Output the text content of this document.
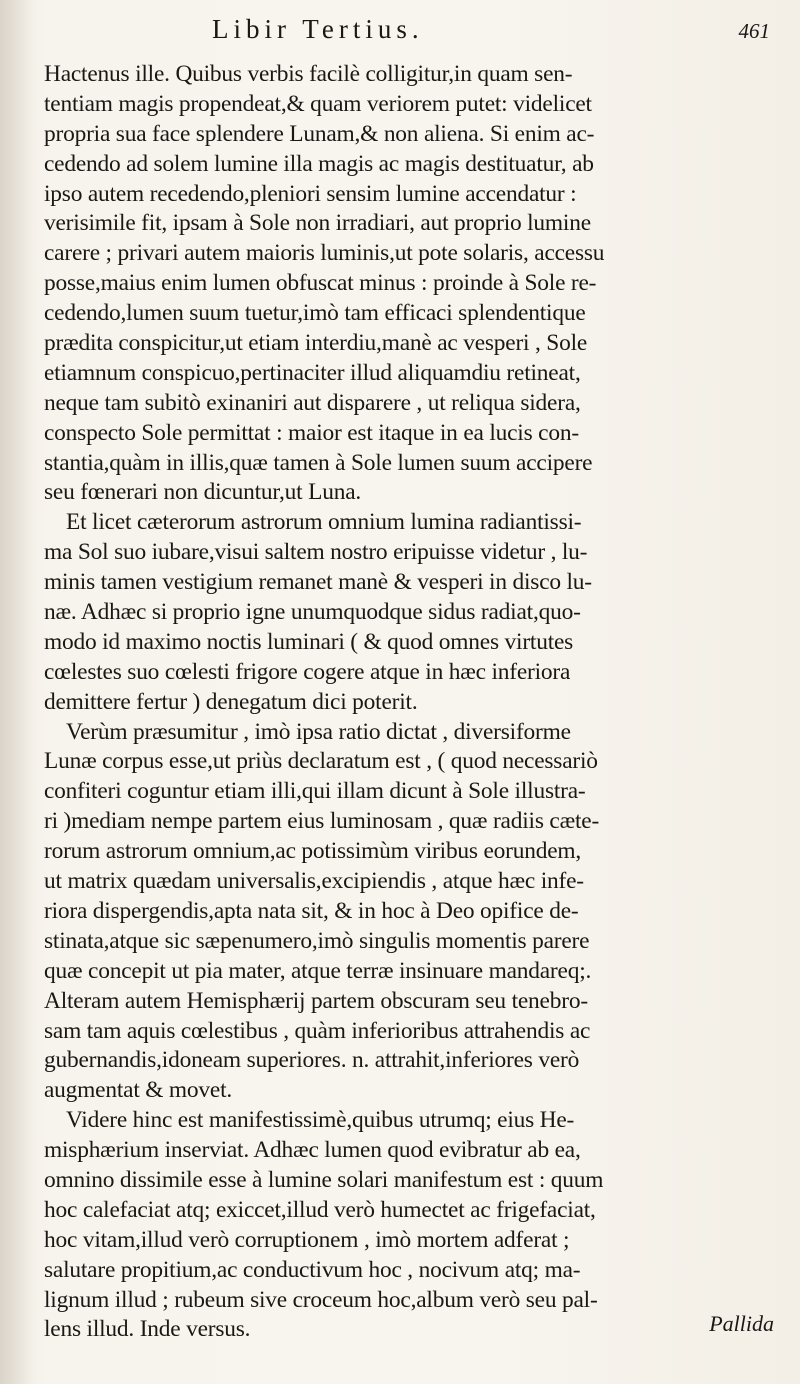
Libir Tertius.	461
Hactenus ille. Quibus verbis facilè colligitur,in quam sen-
tentiam magis propendeat,& quam veriorem putet: videlicet
propria sua face splendere Lunam,& non aliena. Si enim ac-
cedendo ad solem lumine illa magis ac magis destituatur, ab
ipso autem recedendo,pleniori sensim lumine accendatur :
verisimile fit, ipsam à Sole non irradiari, aut proprio lumine
carere ; privari autem maioris luminis,ut pote solaris, accessu
posse,maius enim lumen obfuscat minus : proinde à Sole re-
cedendo,lumen suum tuetur,imò tam efficaci splendentique
prædita conspicitur,ut etiam interdiu,manè ac vesperi , Sole
etiamnum conspicuo,pertinaciter illud aliquamdiu retineat,
neque tam subitò exinaniri aut disparere , ut reliqua sidera,
conspecto Sole permittat : maior est itaque in ea lucis con-
stantia,quàm in illis,quæ tamen à Sole lumen suum accipere
seu fœnerari non dicuntur,ut Luna.
Et licet cæterorum astrorum omnium lumina radiantissi-
ma Sol suo iubare,visui saltem nostro eripuisse videtur , lu-
minis tamen vestigium remanet manè & vesperi in disco lu-
næ. Adhæc si proprio igne unumquodque sidus radiat,quo-
modo id maximo noctis luminari ( & quod omnes virtutes
cœlestes suo cœlesti frigore cogere atque in hæc inferiora
demittere fertur ) denegatum dici poterit.
Verùm præsumitur , imò ipsa ratio dictat , diversiforme
Lunæ corpus esse,ut priùs declaratum est , ( quod necessariò
confiteri coguntur etiam illi,qui illam dicunt à Sole illustra-
ri )mediam nempe partem eius luminosam , quæ radiis cæte-
rorum astrorum omnium,ac potissimùm viribus eorundem,
ut matrix quædam universalis,excipiendis , atque hæc infe-
riora dispergendis,apta nata sit, & in hoc à Deo opifice de-
stinata,atque sic sæpenumero,imò singulis momentis parere
quæ concepit ut pia mater, atque terræ insinuare mandareq;.
Alteram autem Hemisphærij partem obscuram seu tenebro-
sam tam aquis cœlestibus , quàm inferioribus attrahendis ac
gubernandis,idoneam superiores. n. attrahit,inferiores verò
augmentat & movet.
Videre hinc est manifestissimè,quibus utrumq; eius He-
misphærium inserviat. Adhæc lumen quod evibratur ab ea,
omnino dissimile esse à lumine solari manifestum est : quum
hoc calefaciat atq; exiccet,illud verò humectet ac frigefaciat,
hoc vitam,illud verò corruptionem , imò mortem adferat ;
salutare propitium,ac conductivum hoc , nocivum atq; ma-
lignum illud ; rubeum sive croceum hoc,album verò seu pal-
lens illud. Inde versus.	Pallida
